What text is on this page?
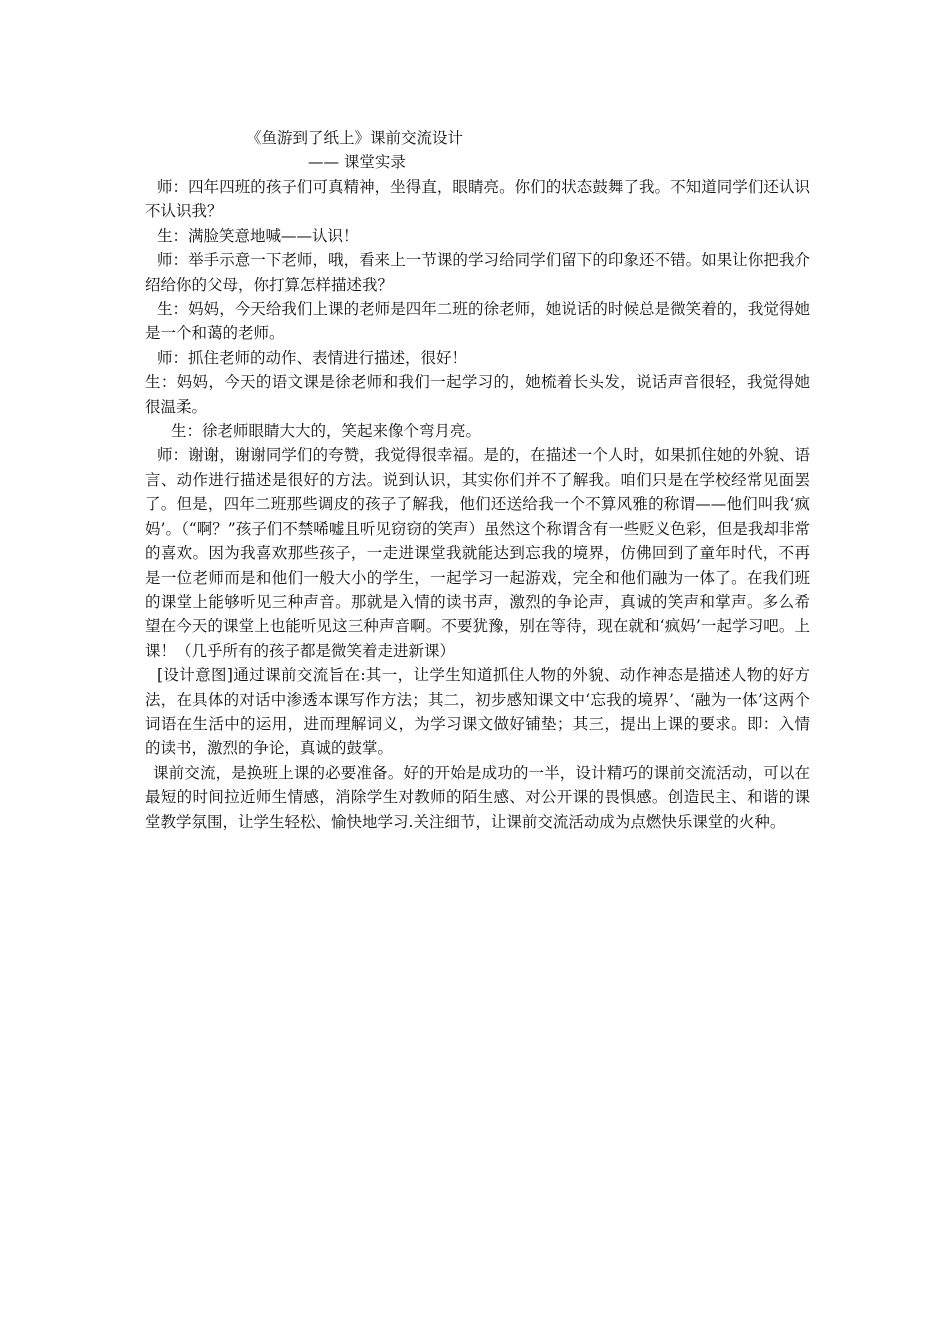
《鱼游到了纸上》课前交流设计
—— 课堂实录

师：四年四班的孩子们可真精神，坐得直，眼睛亮。你们的状态鼓舞了我。不知道同学们还认识不认识我？

生：满脸笑意地喊——认识！

师：举手示意一下老师，哦，看来上一节课的学习给同学们留下的印象还不错。如果让你把我介绍给你的父母，你打算怎样描述我？

生：妈妈，今天给我们上课的老师是四年二班的徐老师，她说话的时候总是微笑着的，我觉得她是一个和蔼的老师。

师：抓住老师的动作、表情进行描述，很好！

生：妈妈，今天的语文课是徐老师和我们一起学习的，她梳着长头发，说话声音很轻，我觉得她很温柔。

生：徐老师眼睛大大的，笑起来像个弯月亮。

师：谢谢，谢谢同学们的夸赞，我觉得很幸福。是的，在描述一个人时，如果抓住她的外貌、语言、动作进行描述是很好的方法。说到认识，其实你们并不了解我。咱们只是在学校经常见面罢了。但是，四年二班那些调皮的孩子了解我，他们还送给我一个不算风雅的称谓——他们叫我‘疯妈’。（“啊？”孩子们不禁唏嘘且听见窃窃的笑声）虽然这个称谓含有一些贬义色彩，但是我却非常的喜欢。因为我喜欢那些孩子，一走进课堂我就能达到忘我的境界，仿佛回到了童年时代，不再是一位老师而是和他们一般大小的学生，一起学习一起游戏，完全和他们融为一体了。在我们班的课堂上能够听见三种声音。那就是入情的读书声，激烈的争论声，真诚的笑声和掌声。多么希望在今天的课堂上也能听见这三种声音啊。不要犹豫，别在等待，现在就和‘疯妈’一起学习吧。上课！（几乎所有的孩子都是微笑着走进新课）

[设计意图]通过课前交流旨在:其一，让学生知道抓住人物的外貌、动作神态是描述人物的好方法，在具体的对话中渗透本课写作方法；其二，初步感知课文中‘忘我的境界’、‘融为一体’这两个词语在生活中的运用，进而理解词义，为学习课文做好铺垫；其三，提出上课的要求。即：入情的读书，激烈的争论，真诚的鼓掌。

课前交流，是换班上课的必要准备。好的开始是成功的一半，设计精巧的课前交流活动，可以在最短的时间拉近师生情感，消除学生对教师的陌生感、对公开课的畏惧感。创造民主、和谐的课堂教学氛围，让学生轻松、愉快地学习.关注细节，让课前交流活动成为点燃快乐课堂的火种。
